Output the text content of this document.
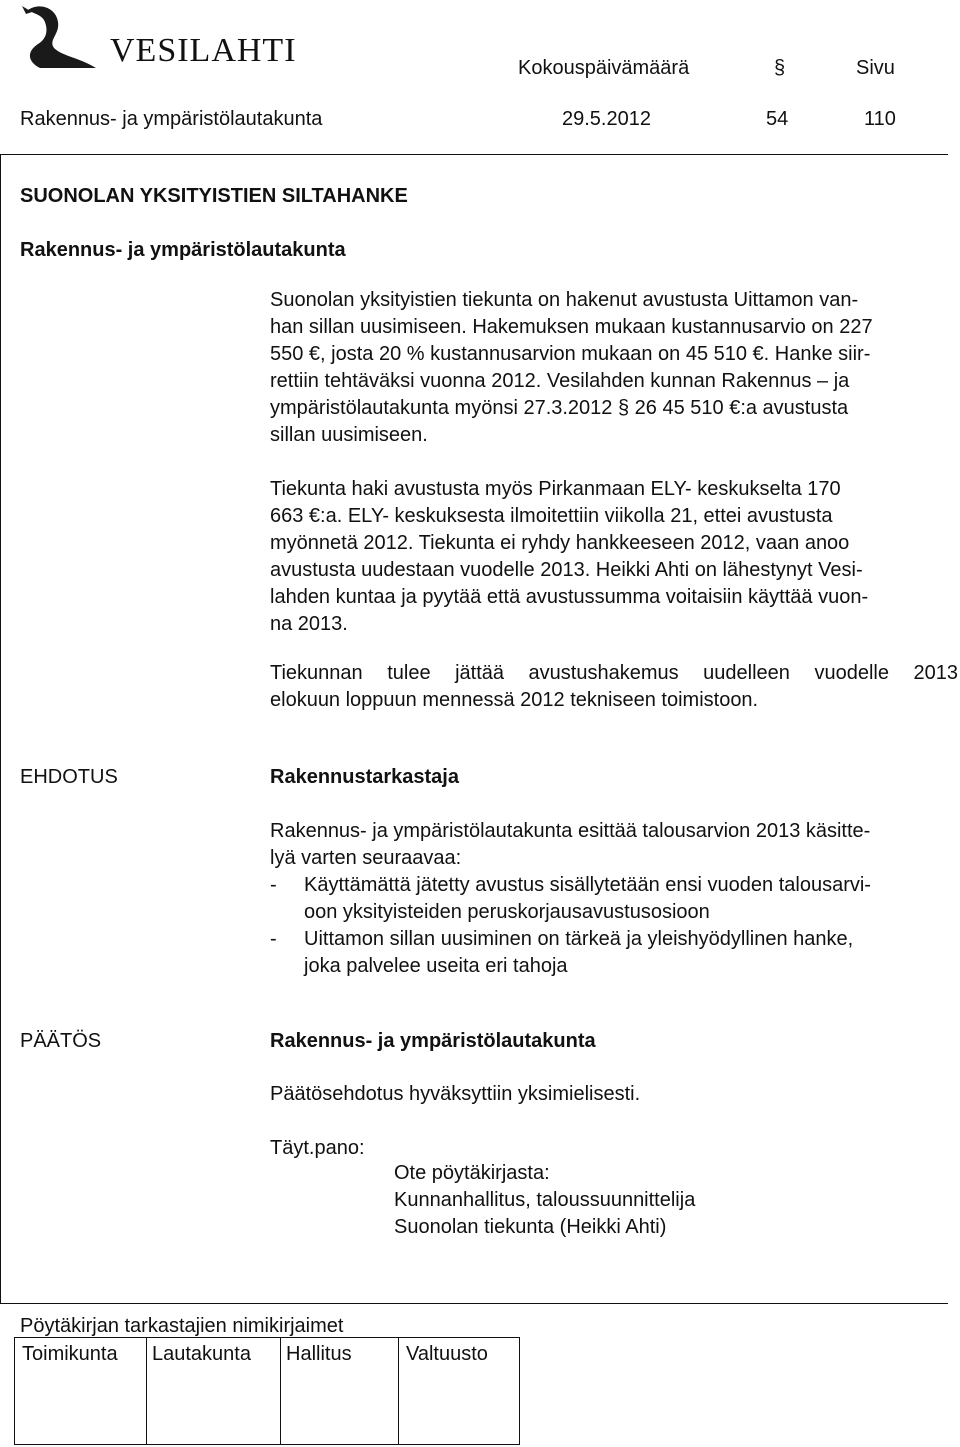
VESILAHTI	Kokouspäivämäärä	§	Sivu
Rakennus- ja ympäristölautakunta	29.5.2012	54	110
SUONOLAN YKSITYISTIEN SILTAHANKE
Rakennus- ja ympäristölautakunta
Suonolan yksityistien tiekunta on hakenut avustusta Uittamon van-
han sillan uusimiseen. Hakemuksen mukaan kustannusarvio on 227
550 €, josta 20 % kustannusarvion mukaan on 45 510 €. Hanke siir-
rettiin tehtäväksi vuonna 2012. Vesilahden kunnan Rakennus – ja
ympäristölautakunta myönsi 27.3.2012 § 26 45 510 €:a avustusta
sillan uusimiseen.
Tiekunta haki avustusta myös Pirkanmaan ELY- keskukselta 170
663 €:a. ELY- keskuksesta ilmoitettiin viikolla 21, ettei avustusta
myönnetä 2012. Tiekunta ei ryhdy hankkeeseen 2012, vaan anoo
avustusta uudestaan vuodelle 2013. Heikki Ahti on lähestynyt Vesi-
lahden kuntaa ja pyytää että avustussumma voitaisiin käyttää vuon-
na 2013.
Tiekunnan tulee jättää avustushakemus uudelleen vuodelle 2013
elokuun loppuun mennessä 2012 tekniseen toimistoon.
EHDOTUS	Rakennustarkastaja
Rakennus- ja ympäristölautakunta esittää talousarvion 2013 käsitte-
lyä varten seuraavaa:
- Käyttämättä jätetty avustus sisällytetään ensi vuoden talousarvi-
oon yksityisteiden peruskorjausavustusosioon
- Uittamon sillan uusiminen on tärkeä ja yleishyödyllinen hanke,
joka palvelee useita eri tahoja
PÄÄTÖS	Rakennus- ja ympäristölautakunta
Päätösehdotus hyväksyttiin yksimielisesti.
Täyt.pano:
Ote pöytäkirjasta:
Kunnanhallitus, taloussuunnittelija
Suonolan tiekunta (Heikki Ahti)
Pöytäkirjan tarkastajien nimikirjaimet
Toimikunta Lautakunta Hallitus	Valtuusto
